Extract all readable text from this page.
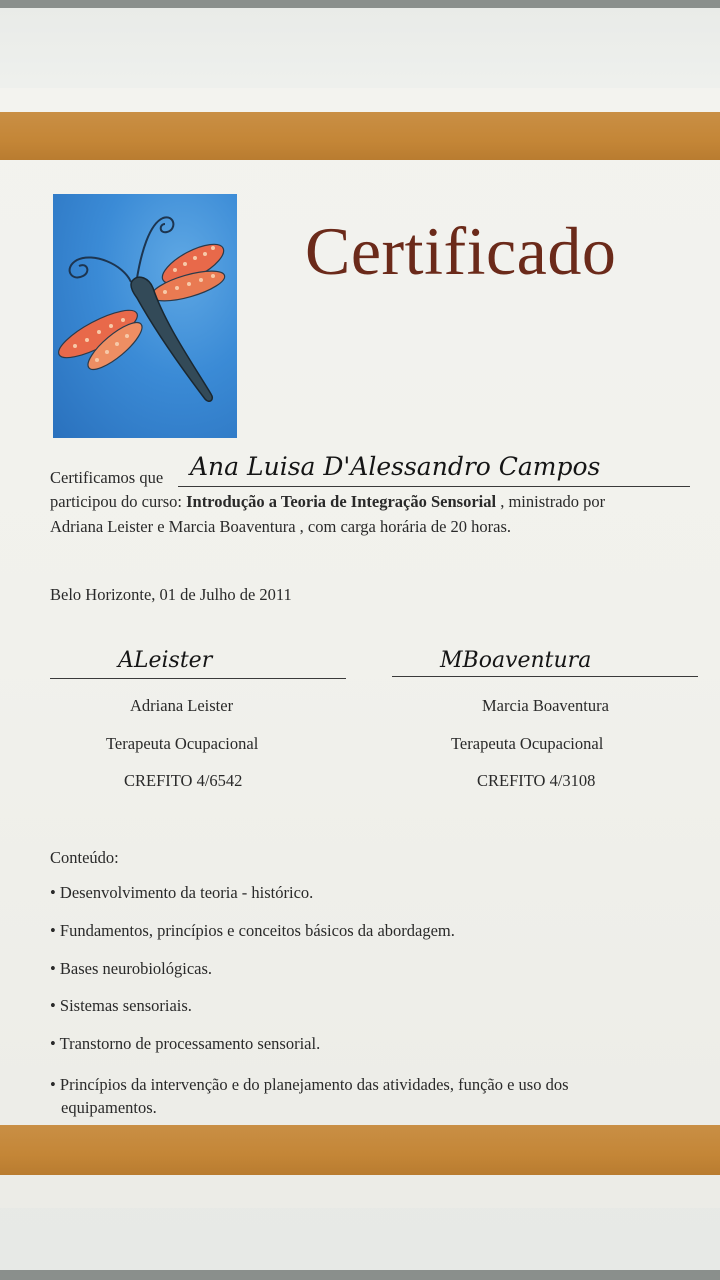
Certificado
Certificamos que Ana Luisa D'Alessandro Campos
participou do curso: Introdução a Teoria de Integração Sensorial , ministrado por
Adriana Leister e Marcia Boaventura , com carga horária de 20 horas.
Belo Horizonte, 01 de Julho de 2011
ALeister	MBoaventura
Adriana Leister
Terapeuta Ocupacional
CREFITO 4/6542
Marcia Boaventura
Terapeuta Ocupacional
CREFITO 4/3108
Conteúdo:
• Desenvolvimento da teoria - histórico.
• Fundamentos, princípios e conceitos básicos da abordagem.
• Bases neurobiológicas.
• Sistemas sensoriais.
• Transtorno de processamento sensorial.
• Princípios da intervenção e do planejamento das atividades, função e uso dos
equipamentos.
